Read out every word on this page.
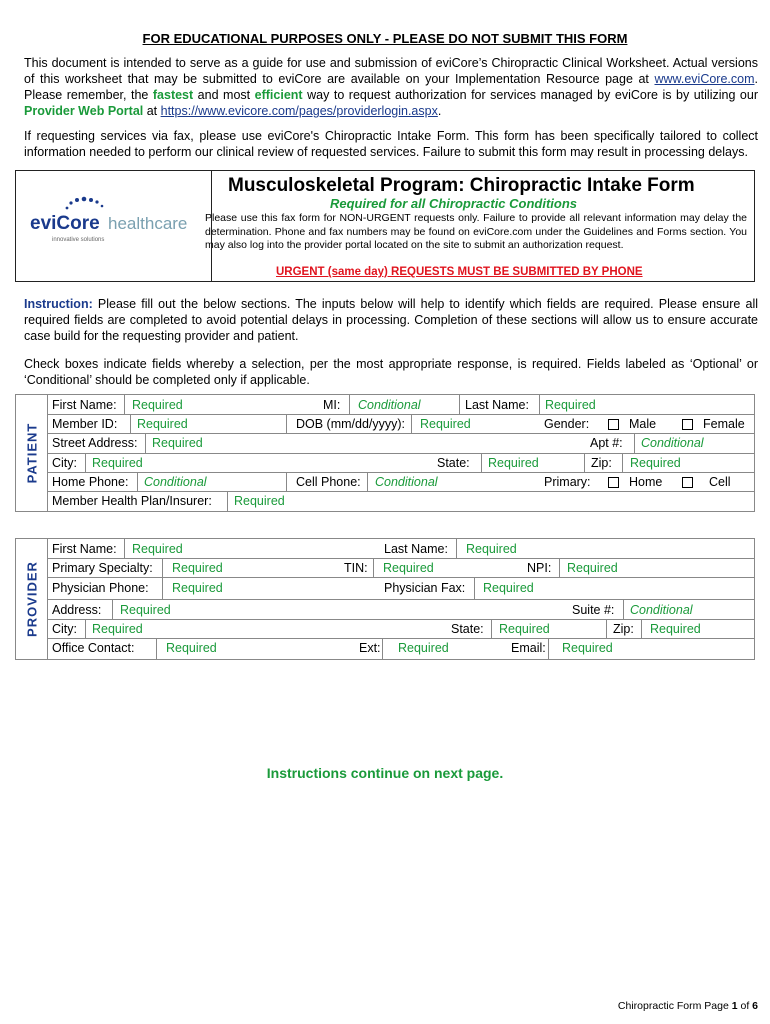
FOR EDUCATIONAL PURPOSES ONLY - PLEASE DO NOT SUBMIT THIS FORM
This document is intended to serve as a guide for use and submission of eviCore’s Chiropractic Clinical Worksheet. Actual versions of this worksheet that may be submitted to eviCore are available on your Implementation Resource page at www.eviCore.com. Please remember, the fastest and most efficient way to request authorization for services managed by eviCore is by utilizing our Provider Web Portal at https://www.evicore.com/pages/providerlogin.aspx.
If requesting services via fax, please use eviCore's Chiropractic Intake Form. This form has been specifically tailored to collect information needed to perform our clinical review of requested services. Failure to submit this form may result in processing delays.
eviCore healthcare
innovative solutions
Musculoskeletal Program: Chiropractic Intake Form
Required for all Chiropractic Conditions
Please use this fax form for NON-URGENT requests only. Failure to provide all relevant information may delay the determination. Phone and fax numbers may be found on eviCore.com under the Guidelines and Forms section. You may also log into the provider portal located on the site to submit an authorization request.
URGENT (same day) REQUESTS MUST BE SUBMITTED BY PHONE
Instruction: Please fill out the below sections. The inputs below will help to identify which fields are required. Please ensure all required fields are completed to avoid potential delays in processing. Completion of these sections will allow us to ensure accurate case build for the requesting provider and patient.
Check boxes indicate fields whereby a selection, per the most appropriate response, is required. Fields labeled as ‘Optional’ or ‘Conditional’ should be completed only if applicable.
PATIENT
First Name: Required	MI: Conditional	Last Name: Required
Member ID: Required	DOB (mm/dd/yyyy): Required	Gender:	Male	Female
Street Address: Required	Apt #: Conditional
City: Required	State: Required	Zip: Required
Home Phone: Conditional	Cell Phone: Conditional	Primary:	Home	Cell
Member Health Plan/Insurer: Required
PROVIDER
First Name: Required	Last Name: Required
Primary Specialty: Required	TIN: Required	NPI: Required
Physician Phone: Required	Physician Fax: Required
Address: Required	Suite #: Conditional
City: Required	State: Required	Zip: Required
Office Contact:	Required	Ext: Required	Email: Required
Instructions continue on next page.
Chiropractic Form Page 1 of 6
